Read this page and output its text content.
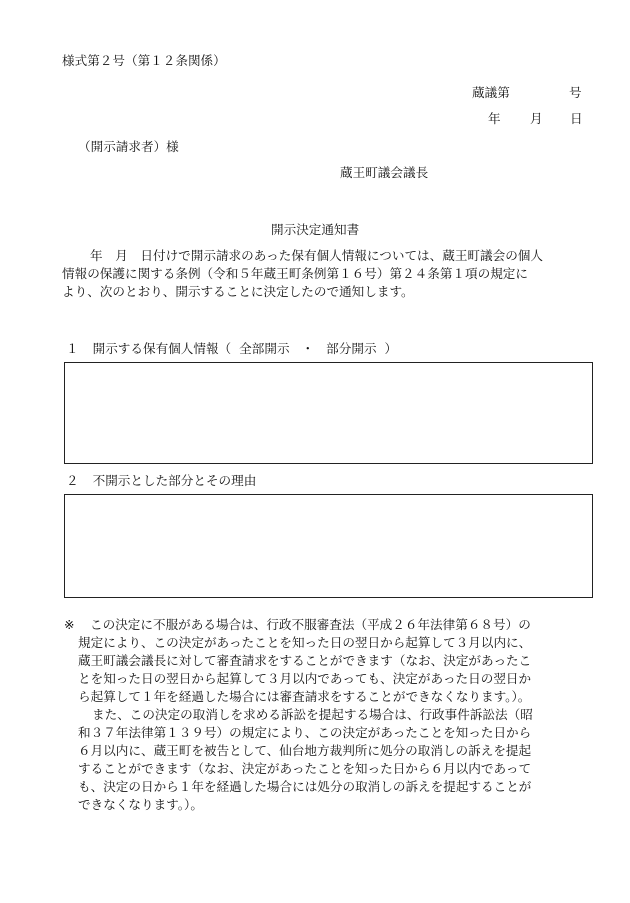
様式第２号（第１２条関係）
蔵議第	号
年 月 日
（開示請求者）様
蔵王町議会議長
開示決定通知書
年　月　日付けで開示請求のあった保有個人情報については、蔵王町議会の個人
情報の保護に関する条例（令和５年蔵王町条例第１６号）第２４条第１項の規定に
より、次のとおり、開示することに決定したので通知します。
１ 開示する保有個人情報（ 全部開示 ・ 部分開示 ）
２ 不開示とした部分とその理由
※	この決定に不服がある場合は、行政不服審査法（平成２６年法律第６８号）の
規定により、この決定があったことを知った日の翌日から起算して３月以内に、
蔵王町議会議長に対して審査請求をすることができます（なお、決定があったこ
とを知った日の翌日から起算して３月以内であっても、決定があった日の翌日か
ら起算して１年を経過した場合には審査請求をすることができなくなります。）。
また、この決定の取消しを求める訴訟を提起する場合は、行政事件訴訟法（昭
和３７年法律第１３９号）の規定により、この決定があったことを知った日から
６月以内に、蔵王町を被告として、仙台地方裁判所に処分の取消しの訴えを提起
することができます（なお、決定があったことを知った日から６月以内であって
も、決定の日から１年を経過した場合には処分の取消しの訴えを提起することが
できなくなります。）。
